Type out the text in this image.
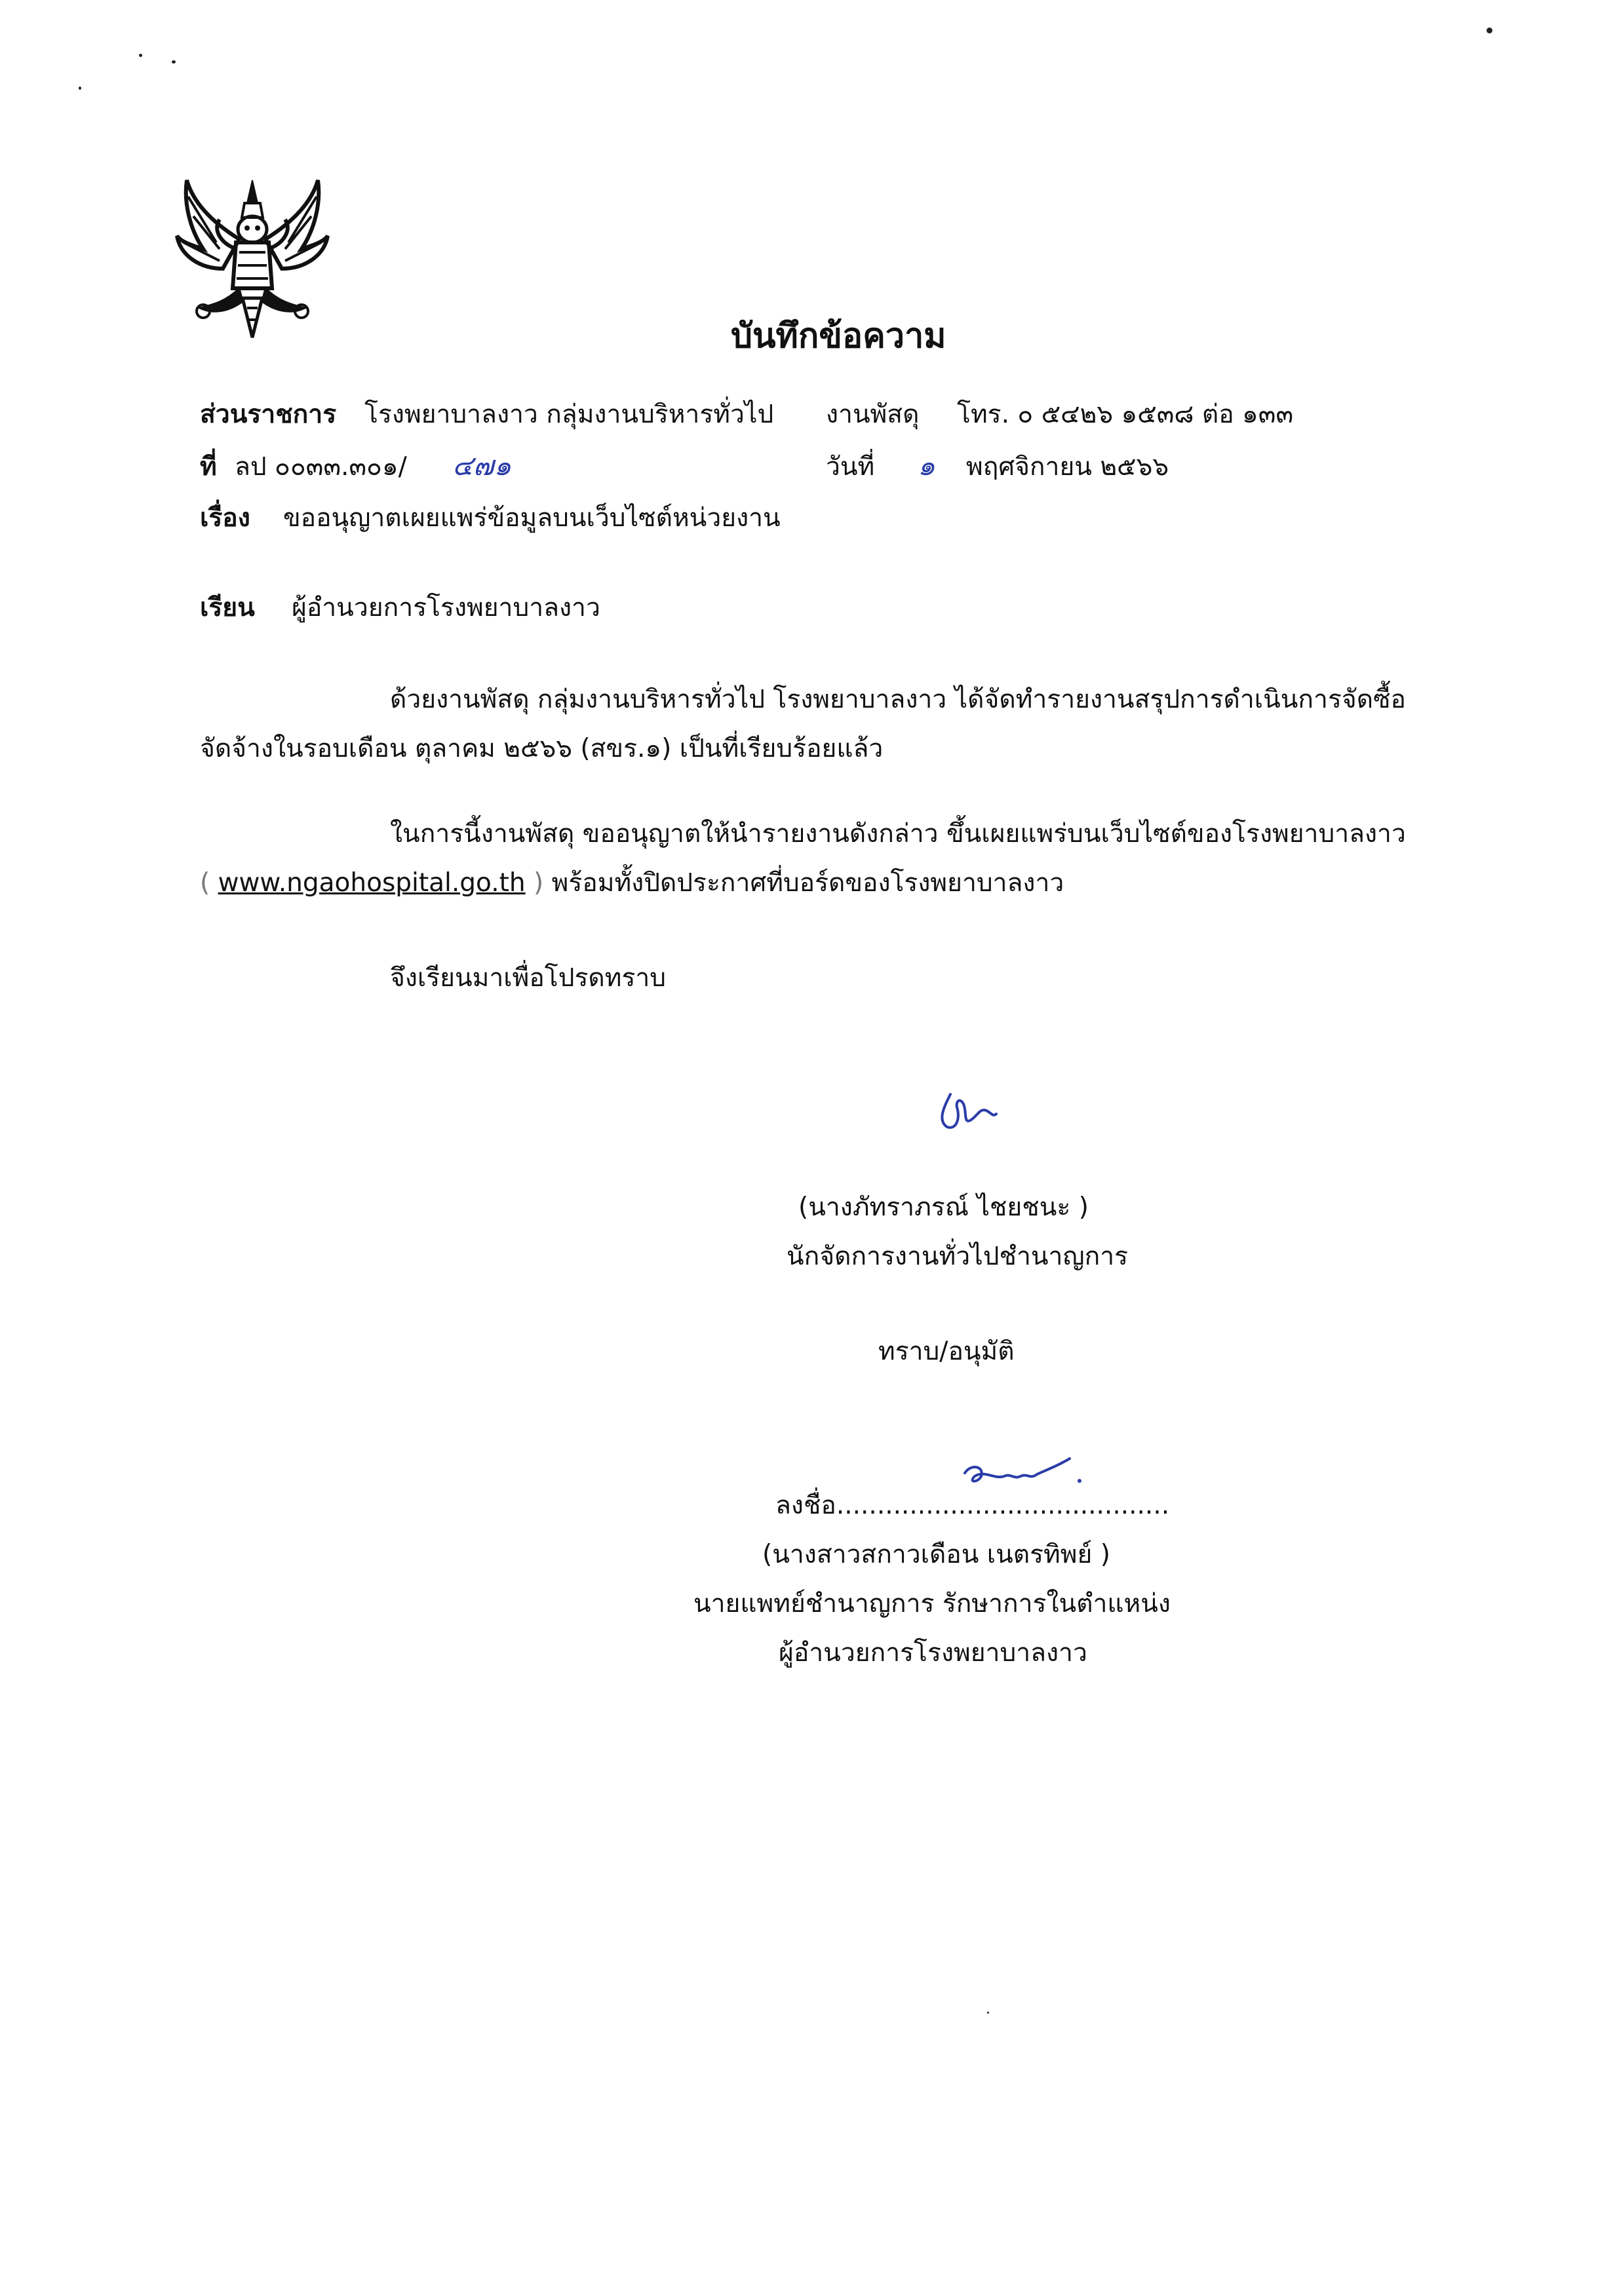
บันทึกข้อความ
ส่วนราชการ โรงพยาบาลงาว กลุ่มงานบริหารทั่วไป งานพัสดุ โทร. ๐ ๕๔๒๖ ๑๕๓๘ ต่อ ๑๓๓
ที่ ลป ๐๐๓๓.๓๐๑/ ๔๗๑	วันที่ ๑ พฤศจิกายน ๒๕๖๖
เรื่อง ขออนุญาตเผยแพร่ข้อมูลบนเว็บไซต์หน่วยงาน
เรียน ผู้อำนวยการโรงพยาบาลงาว
ด้วยงานพัสดุ กลุ่มงานบริหารทั่วไป โรงพยาบาลงาว ได้จัดทำรายงานสรุปการดำเนินการจัดซื้อ
จัดจ้างในรอบเดือน ตุลาคม ๒๕๖๖ (สขร.๑) เป็นที่เรียบร้อยแล้ว
ในการนี้งานพัสดุ ขออนุญาตให้นำรายงานดังกล่าว ขึ้นเผยแพร่บนเว็บไซต์ของโรงพยาบาลงาว
( www.ngaohospital.go.th ) พร้อมทั้งปิดประกาศที่บอร์ดของโรงพยาบาลงาว
จึงเรียนมาเพื่อโปรดทราบ
(นางภัทราภรณ์ ไชยชนะ )
นักจัดการงานทั่วไปชำนาญการ
ทราบ/อนุมัติ
ลงชื่อ.........................................
(นางสาวสกาวเดือน เนตรทิพย์ )
นายแพทย์ชำนาญการ รักษาการในตำแหน่ง
ผู้อำนวยการโรงพยาบาลงาว
